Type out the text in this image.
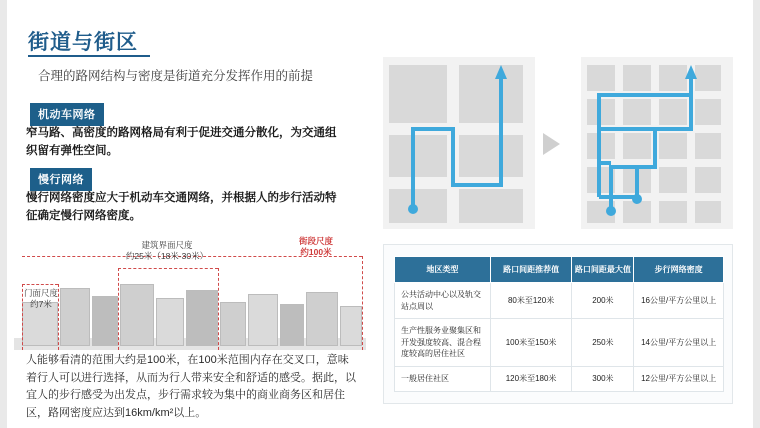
街道与街区
合理的路网结构与密度是街道充分发挥作用的前提
机动车网络
窄马路、高密度的路网格局有利于促进交通分散化，为交通组织留有弹性空间。
慢行网络
慢行网络密度应大于机动车交通网络，并根据人的步行活动特征确定慢行网络密度。
门面尺度
约7米
建筑界面尺度
约25米（18米-30米）
街段尺度
约100米
人能够看清的范围大约是100米，在100米范围内存在交叉口，意味着行人可以进行选择，从而为行人带来安全和舒适的感受。据此，以宜人的步行感受为出发点，步行需求较为集中的商业商务区和居住区，路网密度应达到16km/km²以上。
地区类型	路口间距推荐值	路口间距最大值	步行网络密度
公共活动中心以及轨交站点周以	80米至120米	200米	16公里/平方公里以上
生产性服务业聚集区和开发强度较高、混合程度较高的居住社区	100米至150米	250米	14公里/平方公里以上
一般居住社区	120米至180米	300米	12公里/平方公里以上
